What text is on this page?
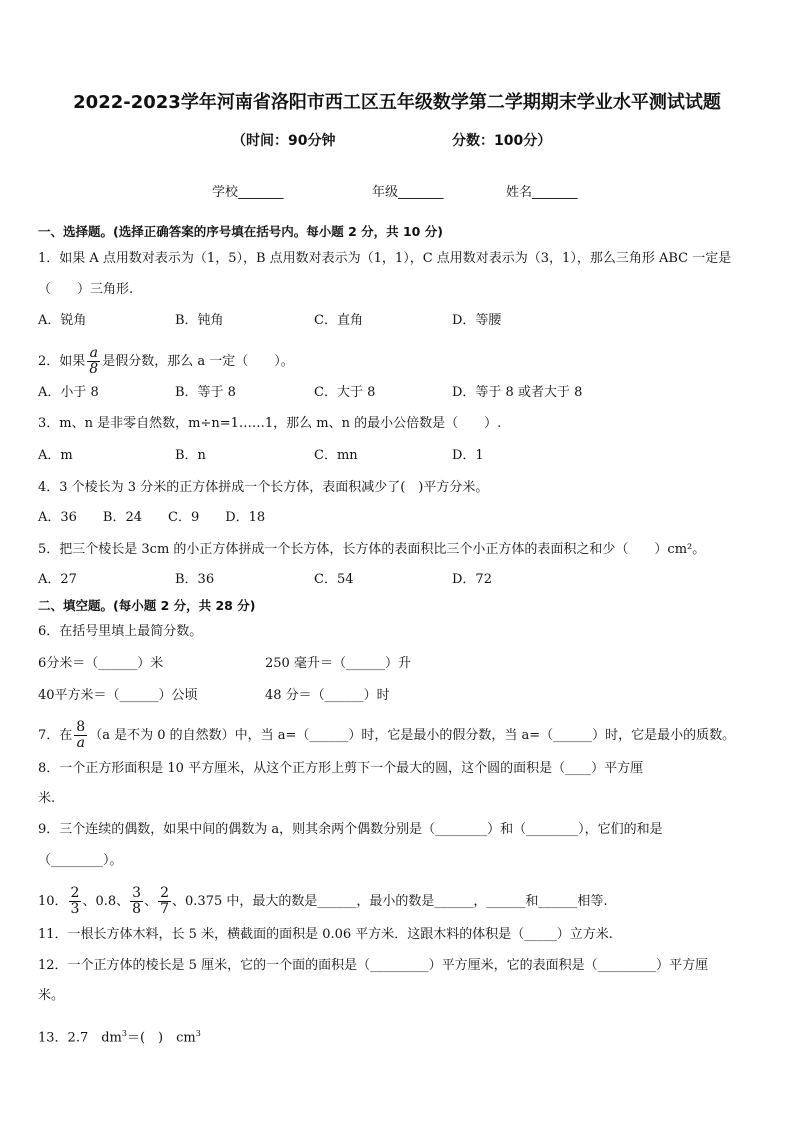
2022-2023学年河南省洛阳市西工区五年级数学第二学期期末学业水平测试试题
（时间：90分钟	分数：100分）
学校_______	年级_______	姓名_______
一、选择题。(选择正确答案的序号填在括号内。每小题 2 分，共 10 分)
1．如果 A 点用数对表示为（1，5），B 点用数对表示为（1，1），C 点用数对表示为（3，1），那么三角形 ABC 一定是
（　　）三角形.
A．锐角	B．钝角	C．直角	D．等腰
2．如果 $\frac{a}{8}$ 是假分数，那么 a 一定（　　）。
A．小于 8	B．等于 8	C．大于 8	D．等于 8 或者大于 8
3．m、n 是非零自然数，m÷n=1……1，那么 m、n 的最小公倍数是（　　）.
A．m	B．n	C．mn	D．1
4．3 个棱长为 3 分米的正方体拼成一个长方体，表面积减少了(　)平方分米。
A．36　　B．24　　C．9　　D．18
5．把三个棱长是 3cm 的小正方体拼成一个长方体，长方体的表面积比三个小正方体的表面积之和少（　　）cm²。
A．27	B．36	C．54	D．72
二、填空题。(每小题 2 分，共 28 分)
6．在括号里填上最简分数。
6分米＝（______）米	250 毫升＝（______）升
40平方米＝（______）公顷	48 分＝（______）时
7．在 $\frac{8}{a} (a$ 是不为 0 的自然数）中，当 a=（______）时，它是最小的假分数，当 a=（______）时，它是最小的质数。
8．一个正方形面积是 10 平方厘米，从这个正方形上剪下一个最大的圆，这个圆的面积是（____）平方厘
米.
9．三个连续的偶数，如果中间的偶数为 a，则其余两个偶数分别是（________）和（________），它们的和是
（________）。
10． $\frac{2}{3}$ 、0.8、 $\frac{3}{8}$ 、 $\frac{2}{7}$ 、0.375 中，最大的数是______，最小的数是______，______和______相等.
11．一根长方体木料，长 5 米，横截面的面积是 0.06 平方米．这跟木料的体积是（_____）立方米.
12．一个正方体的棱长是 5 厘米，它的一个面的面积是（_________）平方厘米，它的表面积是（_________）平方厘
米。
13．2.7　$dm^3=$(　)　$cm^3$
